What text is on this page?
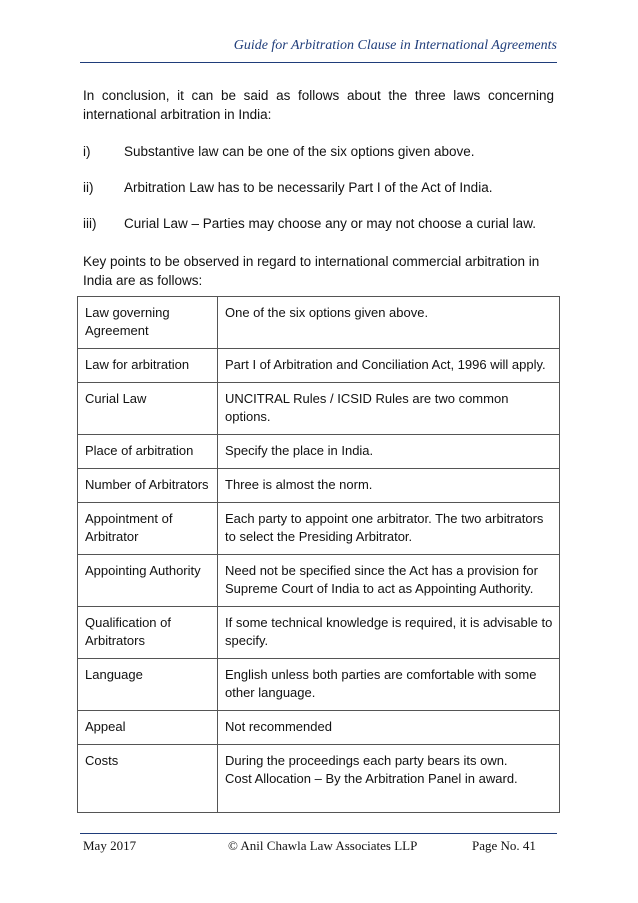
Guide for Arbitration Clause in International Agreements
In conclusion, it can be said as follows about the three laws concerning international arbitration in India:
i) Substantive law can be one of the six options given above.
ii) Arbitration Law has to be necessarily Part I of the Act of India.
iii) Curial Law – Parties may choose any or may not choose a curial law.
Key points to be observed in regard to international commercial arbitration in India are as follows:
Law governing Agreement	One of the six options given above.
Law for arbitration	Part I of Arbitration and Conciliation Act, 1996 will apply.
Curial Law	UNCITRAL Rules / ICSID Rules are two common options.
Place of arbitration	Specify the place in India.
Number of Arbitrators	Three is almost the norm.
Appointment of Arbitrator	Each party to appoint one arbitrator. The two arbitrators to select the Presiding Arbitrator.
Appointing Authority	Need not be specified since the Act has a provision for Supreme Court of India to act as Appointing Authority.
Qualification of Arbitrators	If some technical knowledge is required, it is advisable to specify.
Language	English unless both parties are comfortable with some other language.
Appeal	Not recommended
Costs	During the proceedings each party bears its own.
Cost Allocation – By the Arbitration Panel in award.
May 2017	© Anil Chawla Law Associates LLP	Page No. 41
